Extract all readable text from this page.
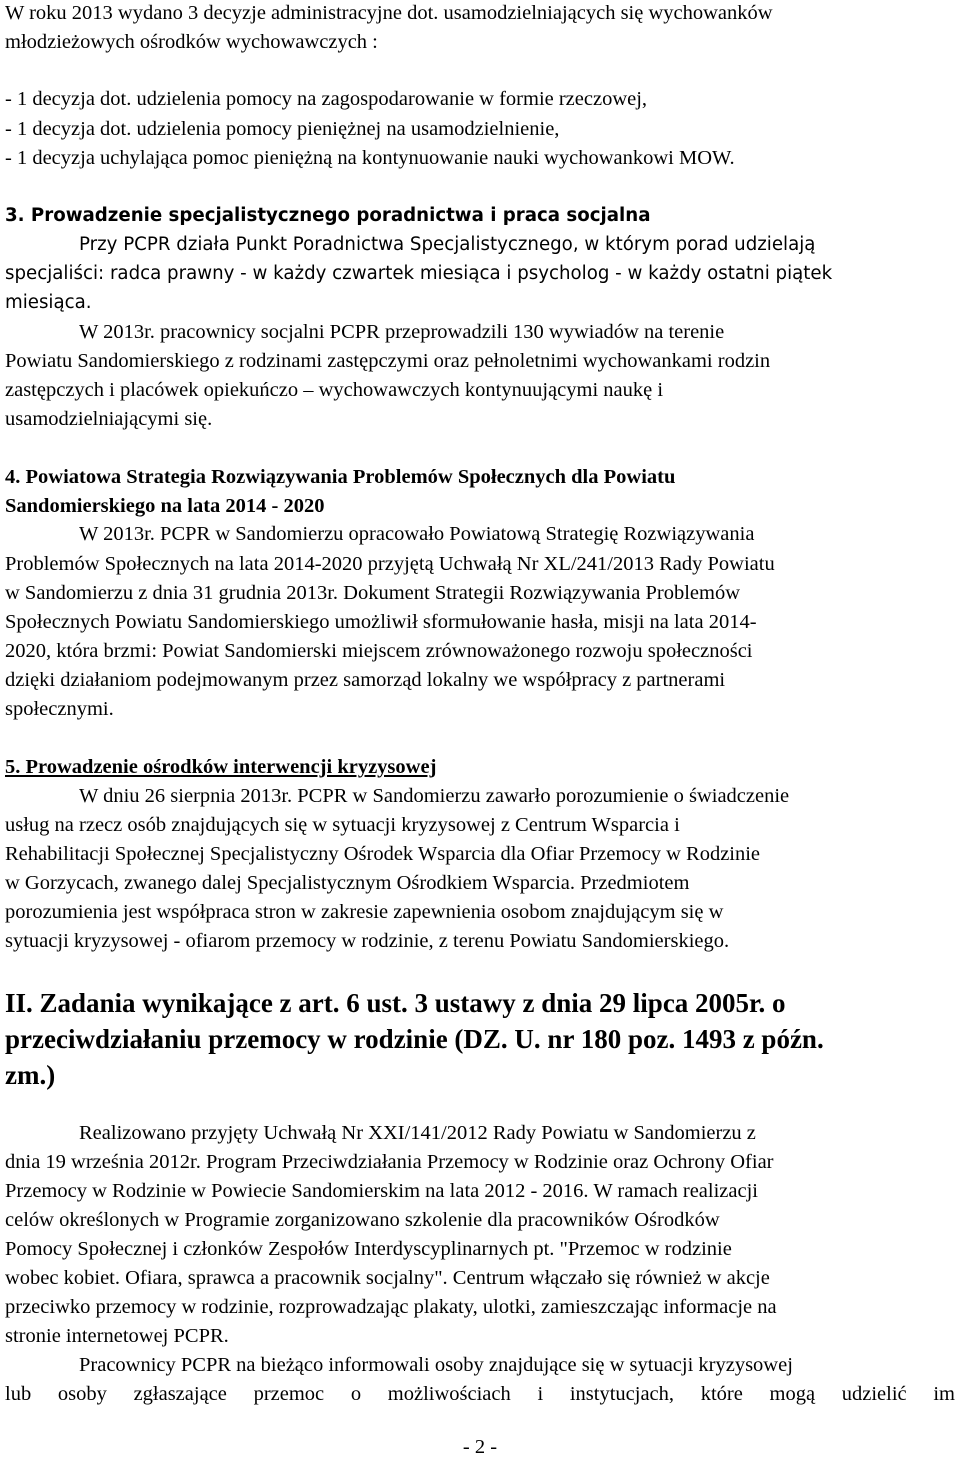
W roku 2013 wydano 3 decyzje administracyjne dot. usamodzielniających się wychowanków
młodzieżowych ośrodków wychowawczych :
- 1 decyzja dot. udzielenia pomocy na zagospodarowanie w formie rzeczowej,
- 1 decyzja dot. udzielenia pomocy pieniężnej na usamodzielnienie,
- 1 decyzja uchylająca pomoc pieniężną na kontynuowanie nauki wychowankowi MOW.
3. Prowadzenie specjalistycznego poradnictwa i praca socjalna
Przy PCPR działa Punkt Poradnictwa Specjalistycznego, w którym porad udzielają
specjaliści: radca prawny - w każdy czwartek miesiąca i psycholog - w każdy ostatni piątek
miesiąca.
W 2013r. pracownicy socjalni PCPR przeprowadzili 130 wywiadów na terenie
Powiatu Sandomierskiego z rodzinami zastępczymi oraz pełnoletnimi wychowankami rodzin
zastępczych i placówek opiekuńczo – wychowawczych kontynuującymi naukę i
usamodzielniającymi się.
4. Powiatowa Strategia Rozwiązywania Problemów Społecznych dla Powiatu
Sandomierskiego na lata 2014 - 2020
W 2013r. PCPR w Sandomierzu opracowało Powiatową Strategię Rozwiązywania
Problemów Społecznych na lata 2014-2020 przyjętą Uchwałą Nr XL/241/2013 Rady Powiatu
w Sandomierzu z dnia 31 grudnia 2013r. Dokument Strategii Rozwiązywania Problemów
Społecznych Powiatu Sandomierskiego umożliwił sformułowanie hasła, misji na lata 2014-
2020, która brzmi: Powiat Sandomierski miejscem zrównoważonego rozwoju społeczności
dzięki działaniom podejmowanym przez samorząd lokalny we współpracy z partnerami
społecznymi.
5. Prowadzenie ośrodków interwencji kryzysowej
W dniu 26 sierpnia 2013r. PCPR w Sandomierzu zawarło porozumienie o świadczenie
usług na rzecz osób znajdujących się w sytuacji kryzysowej z Centrum Wsparcia i
Rehabilitacji Społecznej Specjalistyczny Ośrodek Wsparcia dla Ofiar Przemocy w Rodzinie
w Gorzycach, zwanego dalej Specjalistycznym Ośrodkiem Wsparcia. Przedmiotem
porozumienia jest współpraca stron w zakresie zapewnienia osobom znajdującym się w
sytuacji kryzysowej - ofiarom przemocy w rodzinie, z terenu Powiatu Sandomierskiego.
II. Zadania wynikające z art. 6 ust. 3 ustawy z dnia 29 lipca 2005r. o
przeciwdziałaniu przemocy w rodzinie (DZ. U. nr 180 poz. 1493 z późn.
zm.)
Realizowano przyjęty Uchwałą Nr XXI/141/2012 Rady Powiatu w Sandomierzu z
dnia 19 września 2012r. Program Przeciwdziałania Przemocy w Rodzinie oraz Ochrony Ofiar
Przemocy w Rodzinie w Powiecie Sandomierskim na lata 2012 - 2016. W ramach realizacji
celów określonych w Programie zorganizowano szkolenie dla pracowników Ośrodków
Pomocy Społecznej i członków Zespołów Interdyscyplinarnych pt. "Przemoc w rodzinie
wobec kobiet. Ofiara, sprawca a pracownik socjalny". Centrum włączało się również w akcje
przeciwko przemocy w rodzinie, rozprowadzając plakaty, ulotki, zamieszczając informacje na
stronie internetowej PCPR.
Pracownicy PCPR na bieżąco informowali osoby znajdujące się w sytuacji kryzysowej
lub osoby zgłaszające przemoc o możliwościach i instytucjach, które mogą udzielić im
- 2 -
